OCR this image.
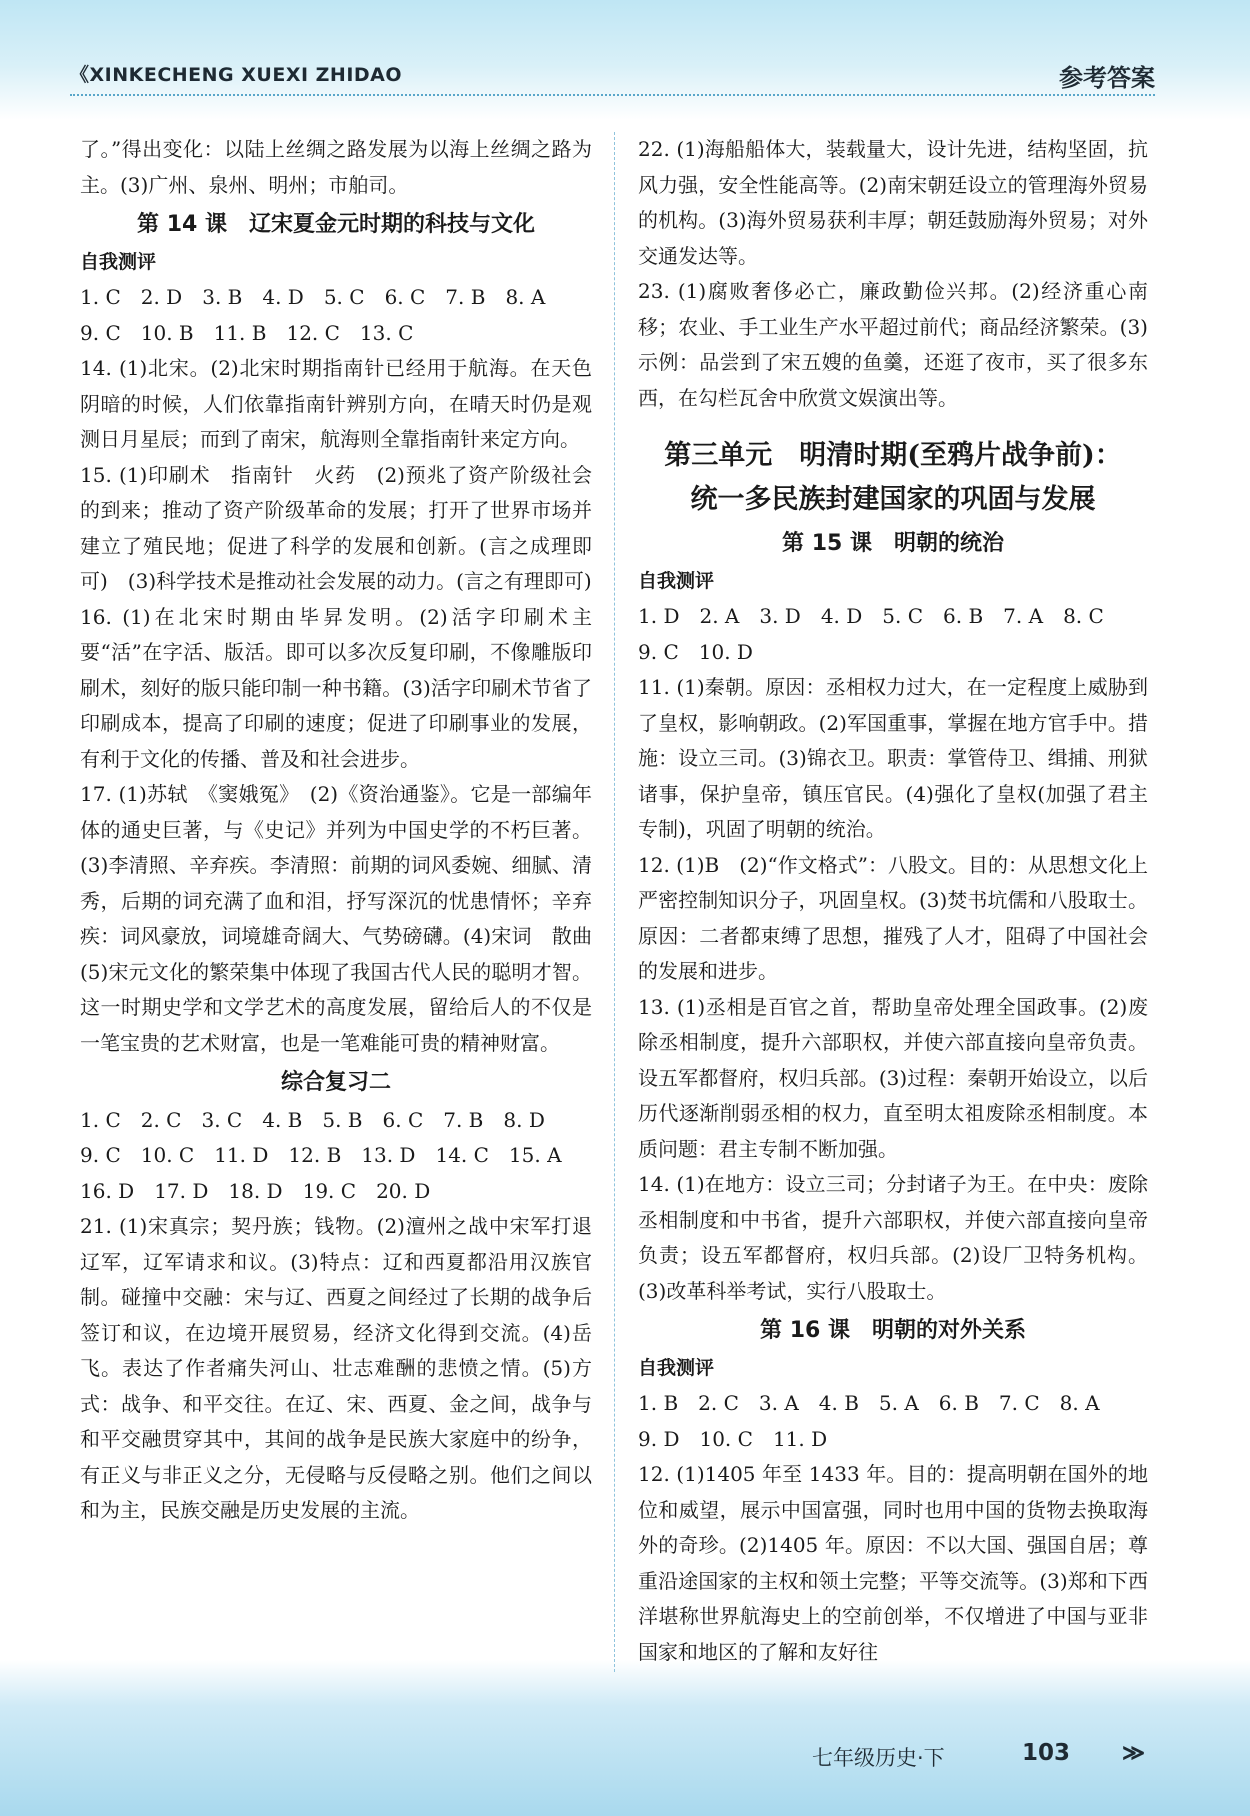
《XINKECHENG XUEXI ZHIDAO	参考答案

了。”得出变化：以陆上丝绸之路发展为以海上丝绸之路为主。(3)广州、泉州、明州；市舶司。

第 14 课　辽宋夏金元时期的科技与文化

自我测评

1. C　2. D　3. B　4. D　5. C　6. C　7. B　8. A

9. C　10. B　11. B　12. C　13. C

14. (1)北宋。(2)北宋时期指南针已经用于航海。在天色阴暗的时候，人们依靠指南针辨别方向，在晴天时仍是观测日月星辰；而到了南宋，航海则全靠指南针来定方向。

15. (1)印刷术　指南针　火药　(2)预兆了资产阶级社会的到来；推动了资产阶级革命的发展；打开了世界市场并建立了殖民地；促进了科学的发展和创新。(言之成理即可)　(3)科学技术是推动社会发展的动力。(言之有理即可)

16. (1)在北宋时期由毕昇发明。(2)活字印刷术主要“活”在字活、版活。即可以多次反复印刷，不像雕版印刷术，刻好的版只能印制一种书籍。(3)活字印刷术节省了印刷成本，提高了印刷的速度；促进了印刷事业的发展，有利于文化的传播、普及和社会进步。

17. (1)苏轼　《窦娥冤》　(2)《资治通鉴》。它是一部编年体的通史巨著，与《史记》并列为中国史学的不朽巨著。(3)李清照、辛弃疾。李清照：前期的词风委婉、细腻、清秀，后期的词充满了血和泪，抒写深沉的忧患情怀；辛弃疾：词风豪放，词境雄奇阔大、气势磅礴。(4)宋词　散曲　(5)宋元文化的繁荣集中体现了我国古代人民的聪明才智。这一时期史学和文学艺术的高度发展，留给后人的不仅是一笔宝贵的艺术财富，也是一笔难能可贵的精神财富。

综合复习二

1. C　2. C　3. C　4. B　5. B　6. C　7. B　8. D

9. C　10. C　11. D　12. B　13. D　14. C　15. A

16. D　17. D　18. D　19. C　20. D

21. (1)宋真宗；契丹族；钱物。(2)澶州之战中宋军打退辽军，辽军请求和议。(3)特点：辽和西夏都沿用汉族官制。碰撞中交融：宋与辽、西夏之间经过了长期的战争后签订和议，在边境开展贸易，经济文化得到交流。(4)岳飞。表达了作者痛失河山、壮志难酬的悲愤之情。(5)方式：战争、和平交往。在辽、宋、西夏、金之间，战争与和平交融贯穿其中，其间的战争是民族大家庭中的纷争，有正义与非正义之分，无侵略与反侵略之别。他们之间以和为主，民族交融是历史发展的主流。

22. (1)海船船体大，装载量大，设计先进，结构坚固，抗风力强，安全性能高等。(2)南宋朝廷设立的管理海外贸易的机构。(3)海外贸易获利丰厚；朝廷鼓励海外贸易；对外交通发达等。

23. (1)腐败奢侈必亡，廉政勤俭兴邦。(2)经济重心南移；农业、手工业生产水平超过前代；商品经济繁荣。(3)示例：品尝到了宋五嫂的鱼羹，还逛了夜市，买了很多东西，在勾栏瓦舍中欣赏文娱演出等。

第三单元　明清时期(至鸦片战争前)：

统一多民族封建国家的巩固与发展

第 15 课　明朝的统治

自我测评

1. D　2. A　3. D　4. D　5. C　6. B　7. A　8. C

9. C　10. D

11. (1)秦朝。原因：丞相权力过大，在一定程度上威胁到了皇权，影响朝政。(2)军国重事，掌握在地方官手中。措施：设立三司。(3)锦衣卫。职责：掌管侍卫、缉捕、刑狱诸事，保护皇帝，镇压官民。(4)强化了皇权(加强了君主专制)，巩固了明朝的统治。

12. (1)B　(2)“作文格式”：八股文。目的：从思想文化上严密控制知识分子，巩固皇权。(3)焚书坑儒和八股取士。原因：二者都束缚了思想，摧残了人才，阻碍了中国社会的发展和进步。

13. (1)丞相是百官之首，帮助皇帝处理全国政事。(2)废除丞相制度，提升六部职权，并使六部直接向皇帝负责。设五军都督府，权归兵部。(3)过程：秦朝开始设立，以后历代逐渐削弱丞相的权力，直至明太祖废除丞相制度。本质问题：君主专制不断加强。

14. (1)在地方：设立三司；分封诸子为王。在中央：废除丞相制度和中书省，提升六部职权，并使六部直接向皇帝负责；设五军都督府，权归兵部。(2)设厂卫特务机构。(3)改革科举考试，实行八股取士。

第 16 课　明朝的对外关系

自我测评

1. B　2. C　3. A　4. B　5. A　6. B　7. C　8. A

9. D　10. C　11. D

12. (1)1405 年至 1433 年。目的：提高明朝在国外的地位和威望，展示中国富强，同时也用中国的货物去换取海外的奇珍。(2)1405 年。原因：不以大国、强国自居；尊重沿途国家的主权和领土完整；平等交流等。(3)郑和下西洋堪称世界航海史上的空前创举，不仅增进了中国与亚非国家和地区的了解和友好往

七年级历史·下	103 ≫
